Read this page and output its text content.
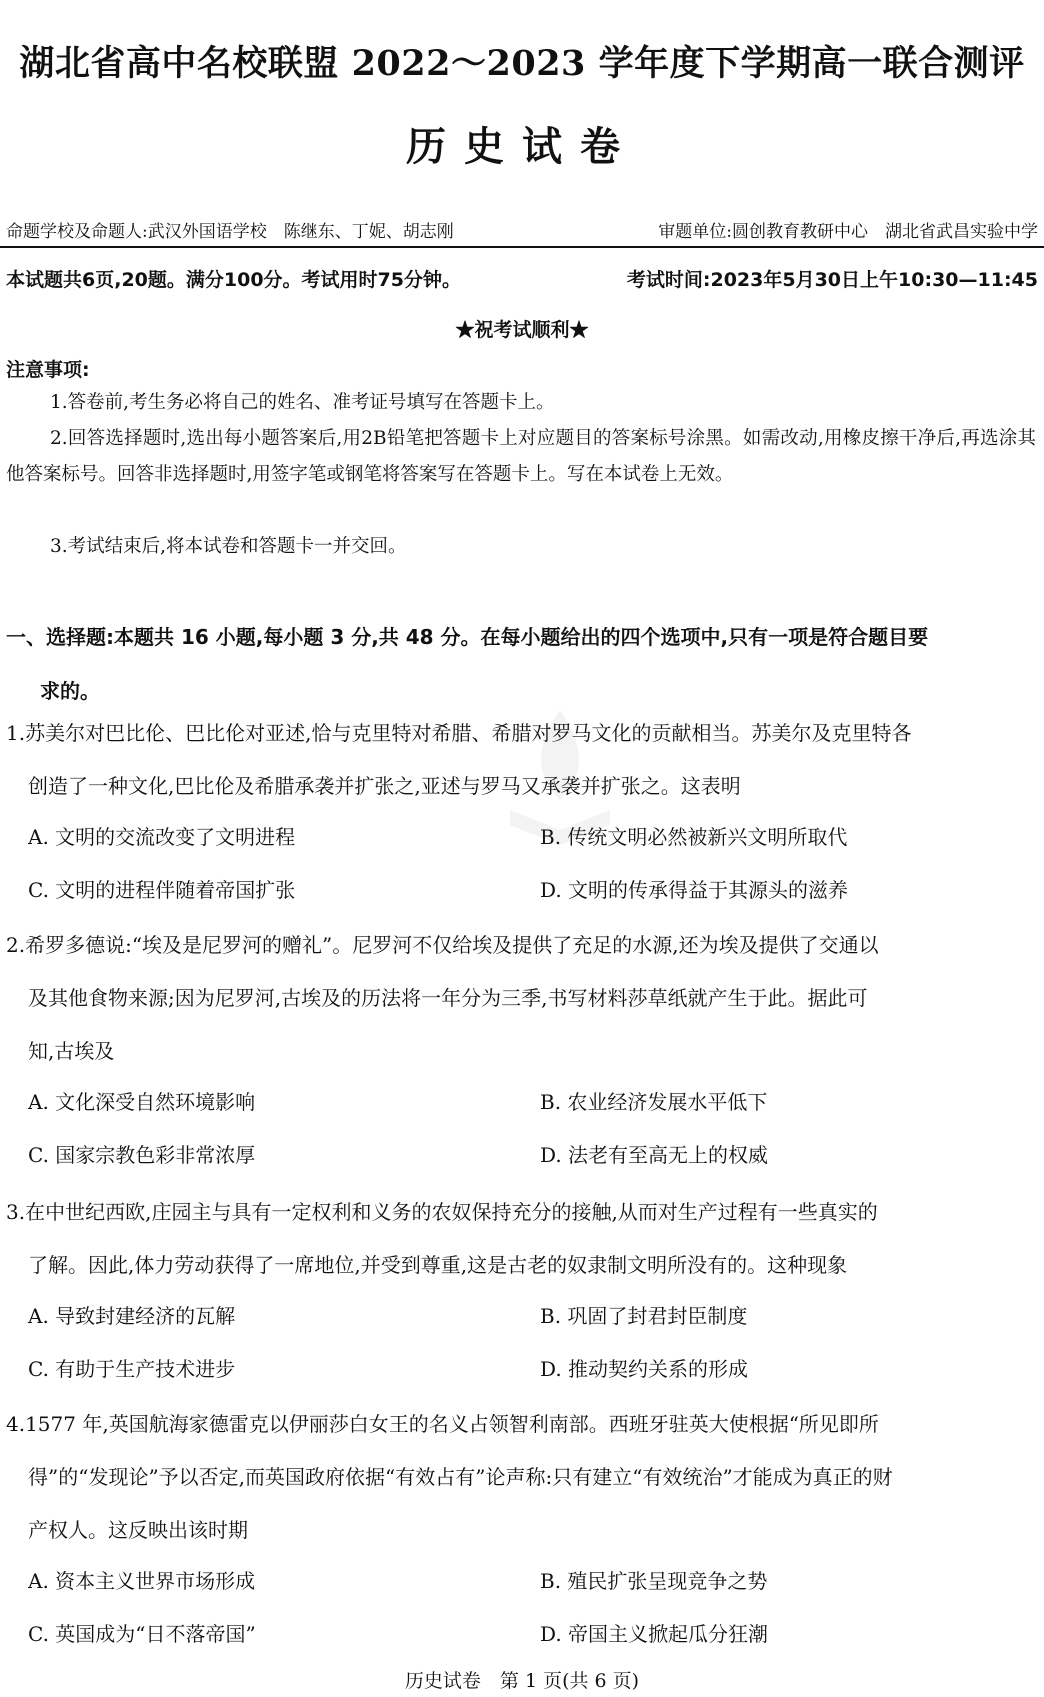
湖北省高中名校联盟 2022～2023 学年度下学期高一联合测评
历史试卷
命题学校及命题人:武汉外国语学校　陈继东、丁妮、胡志刚	审题单位:圆创教育教研中心　湖北省武昌实验中学
本试题共6页,20题。满分100分。考试用时75分钟。	考试时间:2023年5月30日上午10:30—11:45
★祝考试顺利★
注意事项:
1.答卷前,考生务必将自己的姓名、准考证号填写在答题卡上。
2.回答选择题时,选出每小题答案后,用2B铅笔把答题卡上对应题目的答案标号涂黑。如需改动,用橡皮擦干净后,再选涂其他答案标号。回答非选择题时,用签字笔或钢笔将答案写在答题卡上。写在本试卷上无效。
3.考试结束后,将本试卷和答题卡一并交回。
一、选择题:本题共 16 小题,每小题 3 分,共 48 分。在每小题给出的四个选项中,只有一项是符合题目要
求的。
1.苏美尔对巴比伦、巴比伦对亚述,恰与克里特对希腊、希腊对罗马文化的贡献相当。苏美尔及克里特各
创造了一种文化,巴比伦及希腊承袭并扩张之,亚述与罗马又承袭并扩张之。这表明
A. 文明的交流改变了文明进程	B. 传统文明必然被新兴文明所取代
C. 文明的进程伴随着帝国扩张	D. 文明的传承得益于其源头的滋养
2.希罗多德说:“埃及是尼罗河的赠礼”。尼罗河不仅给埃及提供了充足的水源,还为埃及提供了交通以
及其他食物来源;因为尼罗河,古埃及的历法将一年分为三季,书写材料莎草纸就产生于此。据此可
知,古埃及
A. 文化深受自然环境影响	B. 农业经济发展水平低下
C. 国家宗教色彩非常浓厚	D. 法老有至高无上的权威
3.在中世纪西欧,庄园主与具有一定权利和义务的农奴保持充分的接触,从而对生产过程有一些真实的
了解。因此,体力劳动获得了一席地位,并受到尊重,这是古老的奴隶制文明所没有的。这种现象
A. 导致封建经济的瓦解	B. 巩固了封君封臣制度
C. 有助于生产技术进步	D. 推动契约关系的形成
4.1577 年,英国航海家德雷克以伊丽莎白女王的名义占领智利南部。西班牙驻英大使根据“所见即所
得”的“发现论”予以否定,而英国政府依据“有效占有”论声称:只有建立“有效统治”才能成为真正的财
产权人。这反映出该时期
A. 资本主义世界市场形成	B. 殖民扩张呈现竞争之势
C. 英国成为“日不落帝国”	D. 帝国主义掀起瓜分狂潮
历史试卷　第 1 页(共 6 页)
